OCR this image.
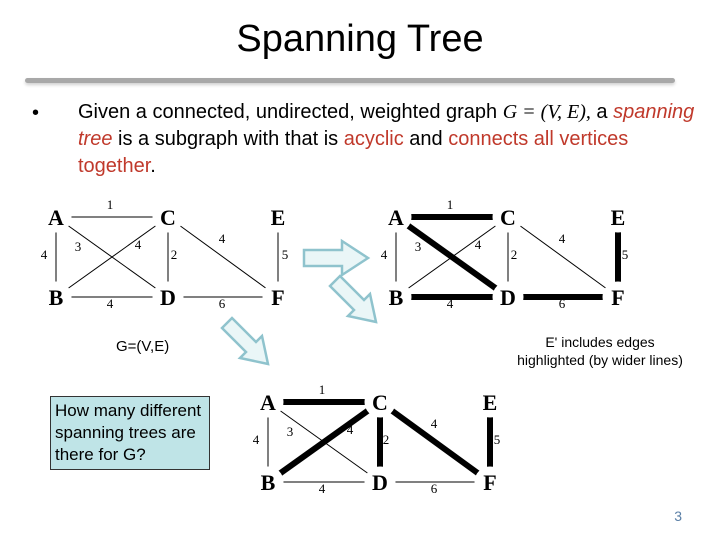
Spanning Tree
• Given a connected, undirected, weighted graph G = (V, E), a spanning tree is a subgraph with that is acyclic and connects all vertices together.
1
4
3	4
2
4
5
4	6
A	C	E
B	D	F
1
4
3	4
2
4
5
4	6
A	C	E
B	D	F
1
4
3	4
2
4
5
4	6
A	C	E
B	D	F
G=(V,E)	E' includes edges highlighted (by wider lines)
How many different spanning trees are there for G?
3
